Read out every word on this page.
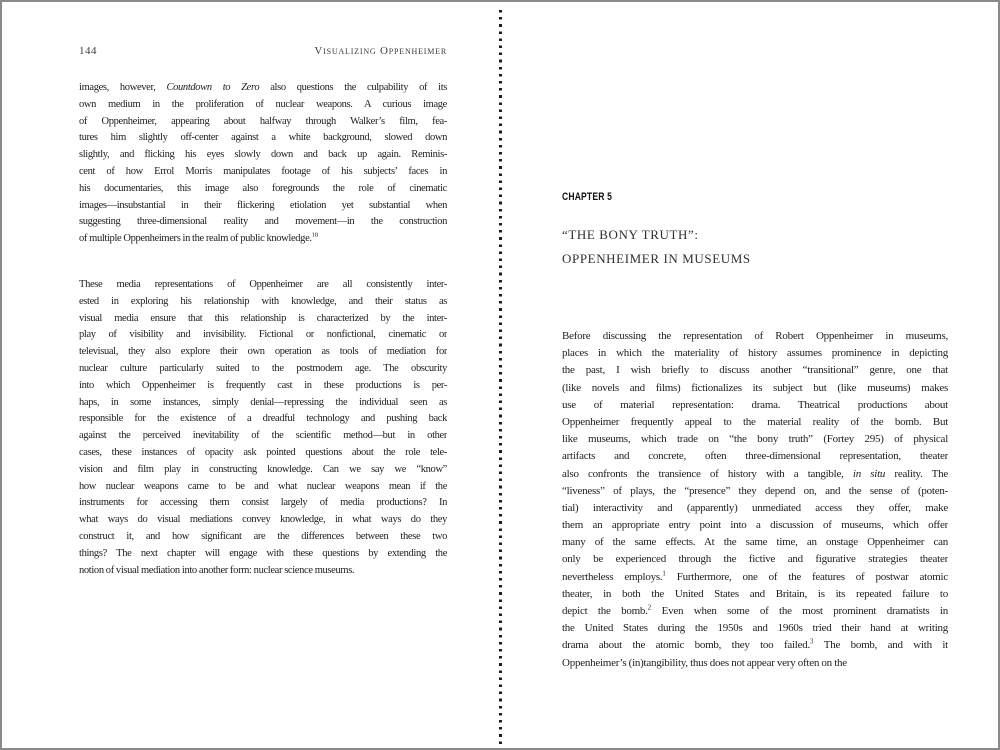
144	Visualizing Oppenheimer
images, however, Countdown to Zero also questions the culpability of its
own medium in the proliferation of nuclear weapons. A curious image
of Oppenheimer, appearing about halfway through Walker’s film, fea-
tures him slightly off-center against a white background, slowed down
slightly, and flicking his eyes slowly down and back up again. Reminis-
cent of how Errol Morris manipulates footage of his subjects’ faces in
his documentaries, this image also foregrounds the role of cinematic
images—insubstantial in their flickering etiolation yet substantial when
suggesting three-dimensional reality and movement—in the construction
of multiple Oppenheimers in the realm of public knowledge.$^{18}$
These media representations of Oppenheimer are all consistently inter-
ested in exploring his relationship with knowledge, and their status as
visual media ensure that this relationship is characterized by the inter-
play of visibility and invisibility. Fictional or nonfictional, cinematic or
televisual, they also explore their own operation as tools of mediation for
nuclear culture particularly suited to the postmodern age. The obscurity
into which Oppenheimer is frequently cast in these productions is per-
haps, in some instances, simply denial—repressing the individual seen as
responsible for the existence of a dreadful technology and pushing back
against the perceived inevitability of the scientific method—but in other
cases, these instances of opacity ask pointed questions about the role tele-
vision and film play in constructing knowledge. Can we say we “know”
how nuclear weapons came to be and what nuclear weapons mean if the
instruments for accessing them consist largely of media productions? In
what ways do visual mediations convey knowledge, in what ways do they
construct it, and how significant are the differences between these two
things? The next chapter will engage with these questions by extending the
notion of visual mediation into another form: nuclear science museums.
CHAPTER 5
“THE BONY TRUTH”:
OPPENHEIMER IN MUSEUMS
Before discussing the representation of Robert Oppenheimer in museums,
places in which the materiality of history assumes prominence in depicting
the past, I wish briefly to discuss another “transitional” genre, one that
(like novels and films) fictionalizes its subject but (like museums) makes
use of material representation: drama. Theatrical productions about
Oppenheimer frequently appeal to the material reality of the bomb. But
like museums, which trade on “the bony truth” (Fortey 295) of physical
artifacts and concrete, often three-dimensional representation, theater
also confronts the transience of history with a tangible, in situ reality. The
“liveness” of plays, the “presence” they depend on, and the sense of (poten-
tial) interactivity and (apparently) unmediated access they offer, make
them an appropriate entry point into a discussion of museums, which offer
many of the same effects. At the same time, an onstage Oppenheimer can
only be experienced through the fictive and figurative strategies theater
nevertheless employs.$^1$ Furthermore, one of the features of postwar atomic
theater, in both the United States and Britain, is its repeated failure to
depict the bomb.$^2$ Even when some of the most prominent dramatists in
the United States during the 1950s and 1960s tried their hand at writing
drama about the atomic bomb, they too failed.$^3$ The bomb, and with it
Oppenheimer’s (in)tangibility, thus does not appear very often on the
